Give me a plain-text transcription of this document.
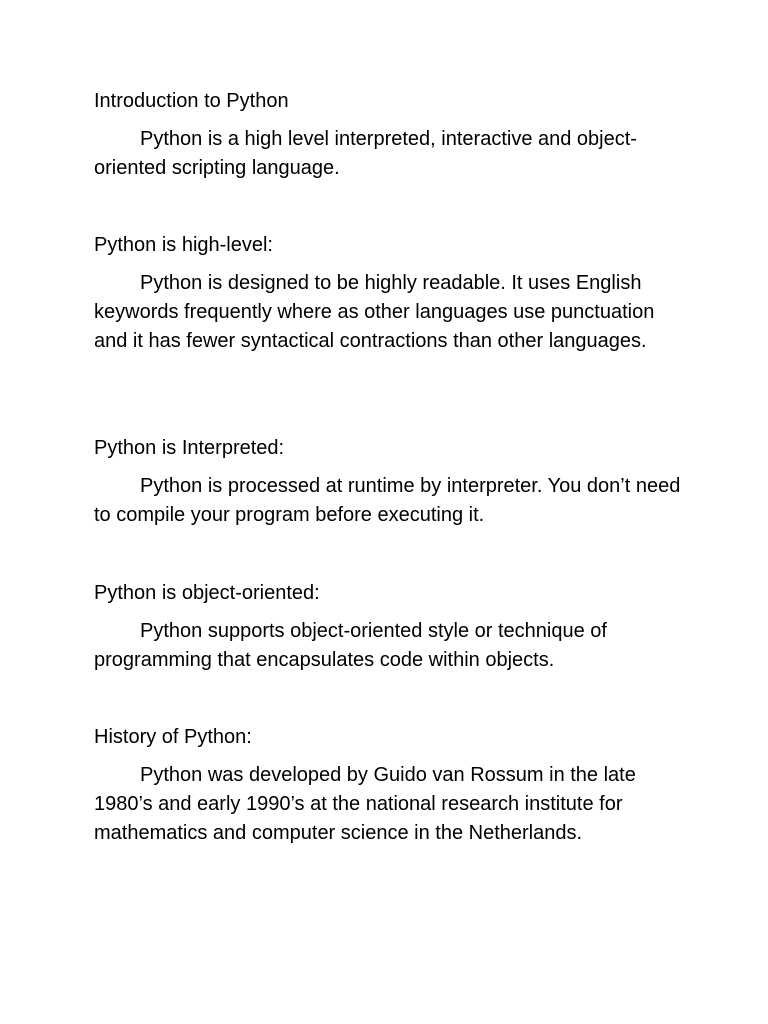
Introduction to Python

Python is a high level interpreted, interactive and object-oriented scripting language.

Python is high-level:

Python is designed to be highly readable. It uses English keywords frequently where as other languages use punctuation and it has fewer syntactical contractions than other languages.

Python is Interpreted:

Python is processed at runtime by interpreter. You don’t need to compile your program before executing it.

Python is object-oriented:

Python supports object-oriented style or technique of programming that encapsulates code within objects.

History of Python:

Python was developed by Guido van Rossum in the late 1980’s and early 1990’s at the national research institute for mathematics and computer science in the Netherlands.
